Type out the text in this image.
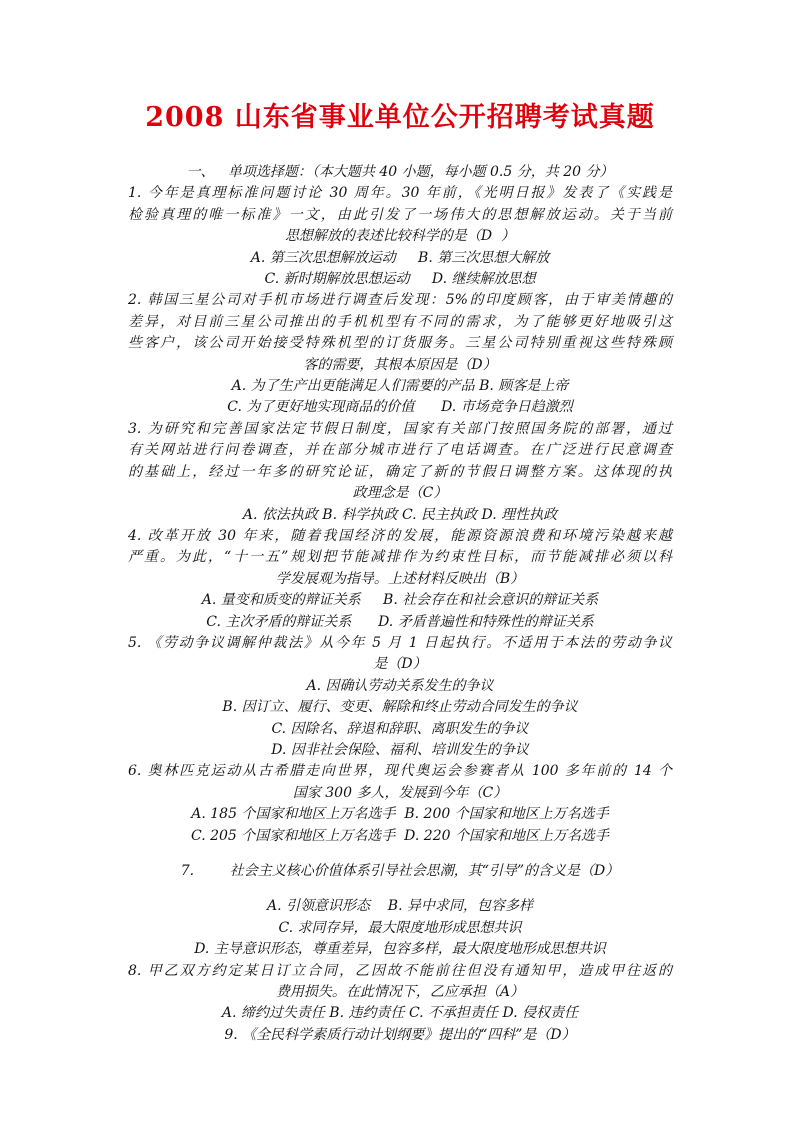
2008 山东省事业单位公开招聘考试真题
一、   单项选择题：（本大题共 40 小题，每小题 0.5 分，共 20 分）
1. 今年是真理标准问题讨论 30 周年。30 年前，《光明日报》发表了《实践是
检验真理的唯一标准》一文，由此引发了一场伟大的思想解放运动。关于当前
思想解放的表述比较科学的是（D  ）
A. 第三次思想解放运动     B. 第三次思想大解放
C. 新时期解放思想运动     D. 继续解放思想
2. 韩国三星公司对手机市场进行调查后发现：5%的印度顾客，由于审美情趣的
差异，对目前三星公司推出的手机机型有不同的需求，为了能够更好地吸引这
些客户，该公司开始接受特殊机型的订货服务。三星公司特别重视这些特殊顾
客的需要，其根本原因是（D）
A. 为了生产出更能满足人们需要的产品 B. 顾客是上帝
C. 为了更好地实现商品的价值      D. 市场竞争日趋激烈
3. 为研究和完善国家法定节假日制度，国家有关部门按照国务院的部署，通过
有关网站进行问卷调查，并在部分城市进行了电话调查。在广泛进行民意调查
的基础上，经过一年多的研究论证，确定了新的节假日调整方案。这体现的执
政理念是（C）
A. 依法执政 B. 科学执政 C. 民主执政 D. 理性执政
4. 改革开放 30 年来，随着我国经济的发展，能源资源浪费和环境污染越来越
严重。为此，“十一五”规划把节能减排作为约束性目标，而节能减排必须以科
学发展观为指导。上述材料反映出（B）
A. 量变和质变的辩证关系     B. 社会存在和社会意识的辩证关系
C. 主次矛盾的辩证关系      D. 矛盾普遍性和特殊性的辩证关系
5. 《劳动争议调解仲裁法》从今年 5 月 1 日起执行。不适用于本法的劳动争议
是（D）
A. 因确认劳动关系发生的争议
B. 因订立、履行、变更、解除和终止劳动合同发生的争议
C. 因除名、辞退和辞职、离职发生的争议
D. 因非社会保险、福利、培训发生的争议
6. 奥林匹克运动从古希腊走向世界，现代奥运会参赛者从 100 多年前的 14 个
国家 300 多人，发展到今年（C）
A. 185 个国家和地区上万名选手  B. 200 个国家和地区上万名选手
C. 205 个国家和地区上万名选手  D. 220 个国家和地区上万名选手
7.        社会主义核心价值体系引导社会思潮，其“引导”的含义是（D）
A. 引领意识形态    B. 异中求同，包容多样
C. 求同存异，最大限度地形成思想共识
D. 主导意识形态，尊重差异，包容多样，最大限度地形成思想共识
8. 甲乙双方约定某日订立合同，乙因故不能前往但没有通知甲，造成甲往返的
费用损失。在此情况下，乙应承担（A）
A. 缔约过失责任 B. 违约责任 C. 不承担责任 D. 侵权责任
9. 《全民科学素质行动计划纲要》提出的“四科”是（D）
